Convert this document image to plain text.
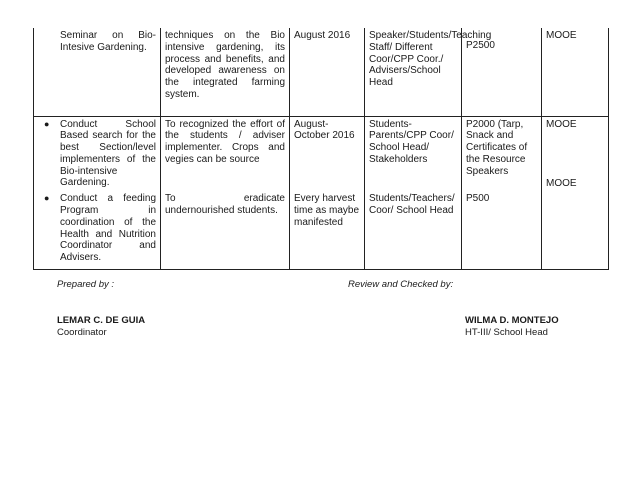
Seminar on Bio-Intesive Gardening.	techniques on the Bio intensive gardening, its process and benefits, and developed awareness on the integrated farming system.	August 2016	Speaker/Students/Teaching Staff/ Different Coor/CPP Coor./ Advisers/School Head	P2500	MOOE

● Conduct School Based search for the best Section/level implementers of the Bio-intensive Gardening.	To recognized the effort of the students / adviser implementer. Crops and vegies can be source	August-October 2016	Students-Parents/CPP Coor/ School Head/ Stakeholders	P2000 (Tarp, Snack and Certificates of the Resource Speakers	MOOE

● Conduct a feeding Program in coordination of the Health and Nutrition Coordinator and Advisers.	To eradicate undernourished students.	Every harvest time as maybe manifested	Students/Teachers/ Coor/ School Head	P500	MOOE
Prepared by :	Review and Checked by:
LEMAR C. DE GUIA
Coordinator
WILMA D. MONTEJO
HT-III/ School Head
